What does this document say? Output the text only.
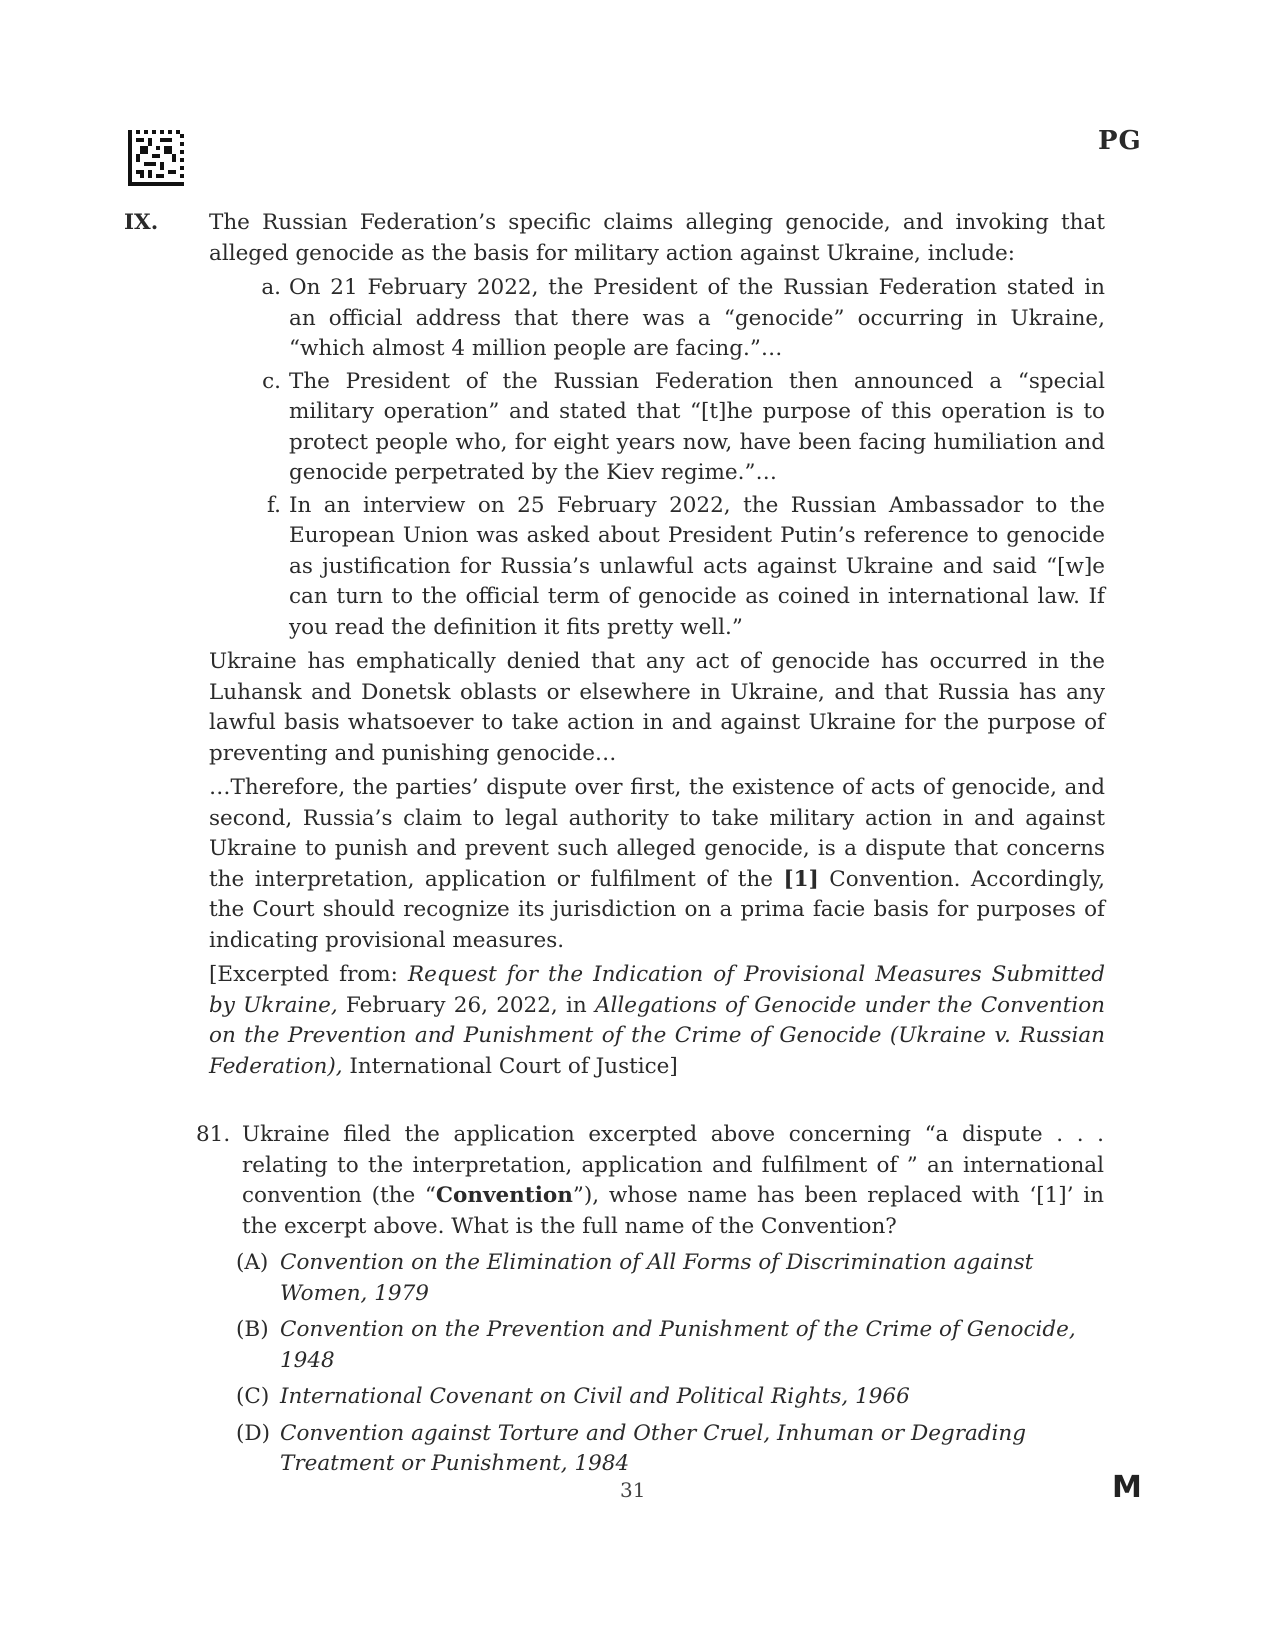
PG
IX. The Russian Federation’s specific claims alleging genocide, and invoking that alleged genocide as the basis for military action against Ukraine, include:

a. On 21 February 2022, the President of the Russian Federation stated in an official address that there was a “genocide” occurring in Ukraine, “which almost 4 million people are facing.”…
c. The President of the Russian Federation then announced a “special military operation” and stated that “[t]he purpose of this operation is to protect people who, for eight years now, have been facing humiliation and genocide perpetrated by the Kiev regime.”…
f. In an interview on 25 February 2022, the Russian Ambassador to the European Union was asked about President Putin’s reference to genocide as justification for Russia’s unlawful acts against Ukraine and said “[w]e can turn to the official term of genocide as coined in international law. If you read the definition it fits pretty well.”

Ukraine has emphatically denied that any act of genocide has occurred in the Luhansk and Donetsk oblasts or elsewhere in Ukraine, and that Russia has any lawful basis whatsoever to take action in and against Ukraine for the purpose of preventing and punishing genocide…

…Therefore, the parties’ dispute over first, the existence of acts of genocide, and second, Russia’s claim to legal authority to take military action in and against Ukraine to punish and prevent such alleged genocide, is a dispute that concerns the interpretation, application or fulfilment of the [1] Convention. Accordingly, the Court should recognize its jurisdiction on a prima facie basis for purposes of indicating provisional measures.

[Excerpted from: Request for the Indication of Provisional Measures Submitted by Ukraine, February 26, 2022, in Allegations of Genocide under the Convention on the Prevention and Punishment of the Crime of Genocide (Ukraine v. Russian Federation), International Court of Justice]

81. Ukraine filed the application excerpted above concerning “a dispute . . . relating to the interpretation, application and fulfilment of ” an international convention (the “Convention”), whose name has been replaced with ‘[1]’ in the excerpt above. What is the full name of the Convention?
(A) Convention on the Elimination of All Forms of Discrimination against Women, 1979
(B) Convention on the Prevention and Punishment of the Crime of Genocide, 1948
(C) International Covenant on Civil and Political Rights, 1966
(D) Convention against Torture and Other Cruel, Inhuman or Degrading Treatment or Punishment, 1984
31	M
